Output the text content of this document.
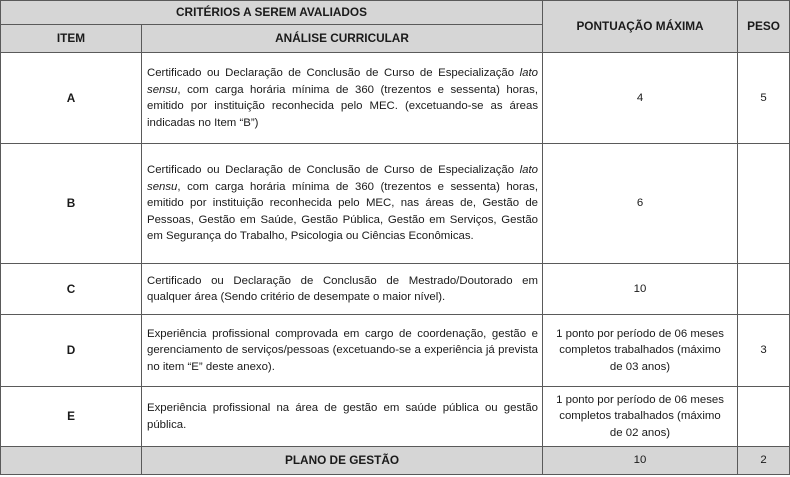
CRITÉRIOS A SEREM AVALIADOS		PONTUAÇÃO MÁXIMA	PESO
ITEM	ANÁLISE CURRICULAR		
A	Certificado ou Declaração de Conclusão de Curso de Especialização lato sensu, com carga horária mínima de 360 (trezentos e sessenta) horas, emitido por instituição reconhecida pelo MEC. (excetuando-se as áreas indicadas no Item “B”)	4	5
B	Certificado ou Declaração de Conclusão de Curso de Especialização lato sensu, com carga horária mínima de 360 (trezentos e sessenta) horas, emitido por instituição reconhecida pelo MEC, nas áreas de, Gestão de Pessoas, Gestão em Saúde, Gestão Pública, Gestão em Serviços, Gestão em Segurança do Trabalho, Psicologia ou Ciências Econômicas.	6	
C	Certificado ou Declaração de Conclusão de Mestrado/Doutorado em qualquer área (Sendo critério de desempate o maior nível).	10	
D	Experiência profissional comprovada em cargo de coordenação, gestão e gerenciamento de serviços/pessoas (excetuando-se a experiência já prevista no item “E” deste anexo).	1 ponto por período de 06 meses completos trabalhados (máximo de 03 anos)	3
E	Experiência profissional na área de gestão em saúde pública ou gestão pública.	1 ponto por período de 06 meses completos trabalhados (máximo de 02 anos)	

	PLANO DE GESTÃO	10	2
